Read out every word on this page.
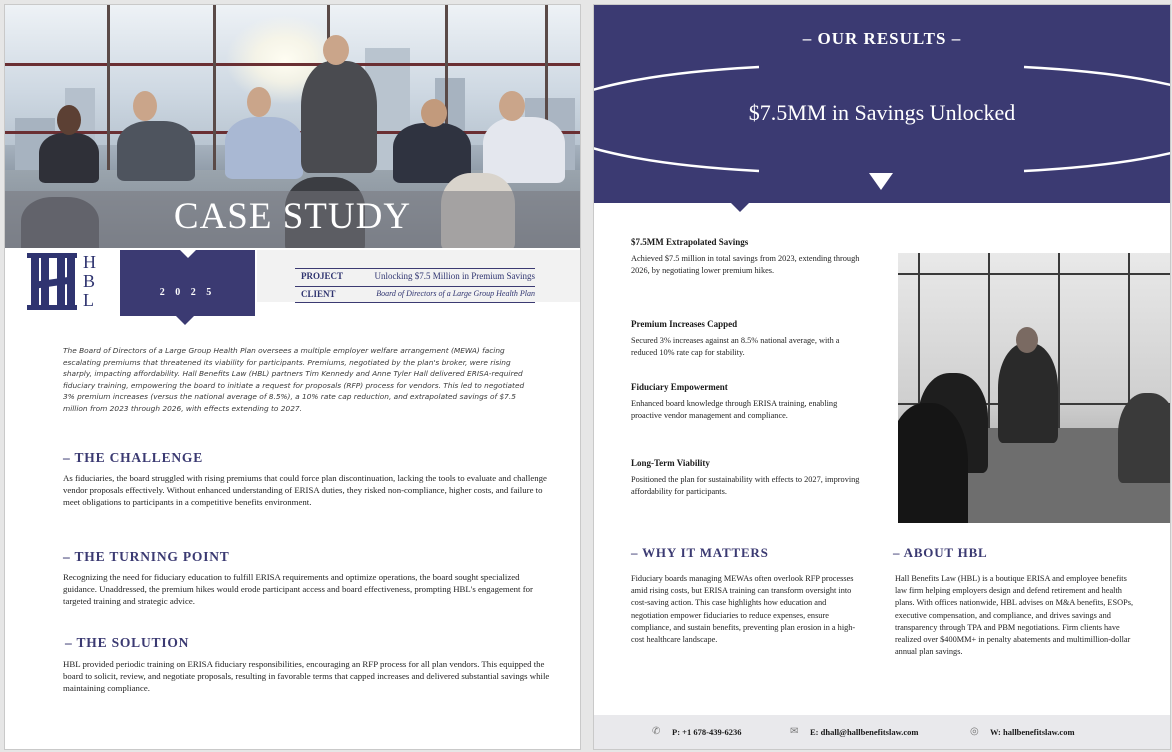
CASE STUDY
H
B
L	2 0 2 5
PROJECT	Unlocking $7.5 Million in Premium Savings
CLIENT	Board of Directors of a Large Group Health Plan
The Board of Directors of a Large Group Health Plan oversees a multiple employer welfare arrangement (MEWA) facing escalating premiums that threatened its viability for participants. Premiums, negotiated by the plan's broker, were rising sharply, impacting affordability. Hall Benefits Law (HBL) partners Tim Kennedy and Anne Tyler Hall delivered ERISA-required fiduciary training, empowering the board to initiate a request for proposals (RFP) process for vendors. This led to negotiated 3% premium increases (versus the national average of 8.5%), a 10% rate cap reduction, and extrapolated savings of $7.5 million from 2023 through 2026, with effects extending to 2027.
– THE CHALLENGE
As fiduciaries, the board struggled with rising premiums that could force plan discontinuation, lacking the tools to evaluate and challenge vendor proposals effectively. Without enhanced understanding of ERISA duties, they risked non-compliance, higher costs, and failure to meet obligations to participants in a competitive benefits environment.
– THE TURNING POINT
Recognizing the need for fiduciary education to fulfill ERISA requirements and optimize operations, the board sought specialized guidance. Unaddressed, the premium hikes would erode participant access and board effectiveness, prompting HBL's engagement for targeted training and strategic advice.
– THE SOLUTION
HBL provided periodic training on ERISA fiduciary responsibilities, encouraging an RFP process for all plan vendors. This equipped the board to solicit, review, and negotiate proposals, resulting in favorable terms that capped increases and delivered substantial savings while maintaining compliance.
– OUR RESULTS –
$7.5MM in Savings Unlocked
$7.5MM Extrapolated Savings
Achieved $7.5 million in total savings from 2023, extending through 2026, by negotiating lower premium hikes.
Premium Increases Capped
Secured 3% increases against an 8.5% national average, with a reduced 10% rate cap for stability.
Fiduciary Empowerment
Enhanced board knowledge through ERISA training, enabling proactive vendor management and compliance.
Long-Term Viability
Positioned the plan for sustainability with effects to 2027, improving affordability for participants.
– WHY IT MATTERS
Fiduciary boards managing MEWAs often overlook RFP processes amid rising costs, but ERISA training can transform oversight into cost-saving action. This case highlights how education and negotiation empower fiduciaries to reduce expenses, ensure compliance, and sustain benefits, preventing plan erosion in a high-cost healthcare landscape.
– ABOUT HBL
Hall Benefits Law (HBL) is a boutique ERISA and employee benefits law firm helping employers design and defend retirement and health plans. With offices nationwide, HBL advises on M&A benefits, ESOPs, executive compensation, and compliance, and drives savings and transparency through TPA and PBM negotiations. Firm clients have realized over $400MM+ in penalty abatements and multimillion-dollar annual plan savings.
✆ P: +1 678-439-6236	✉ E: dhall@hallbenefitslaw.com	◎ W: hallbenefitslaw.com
